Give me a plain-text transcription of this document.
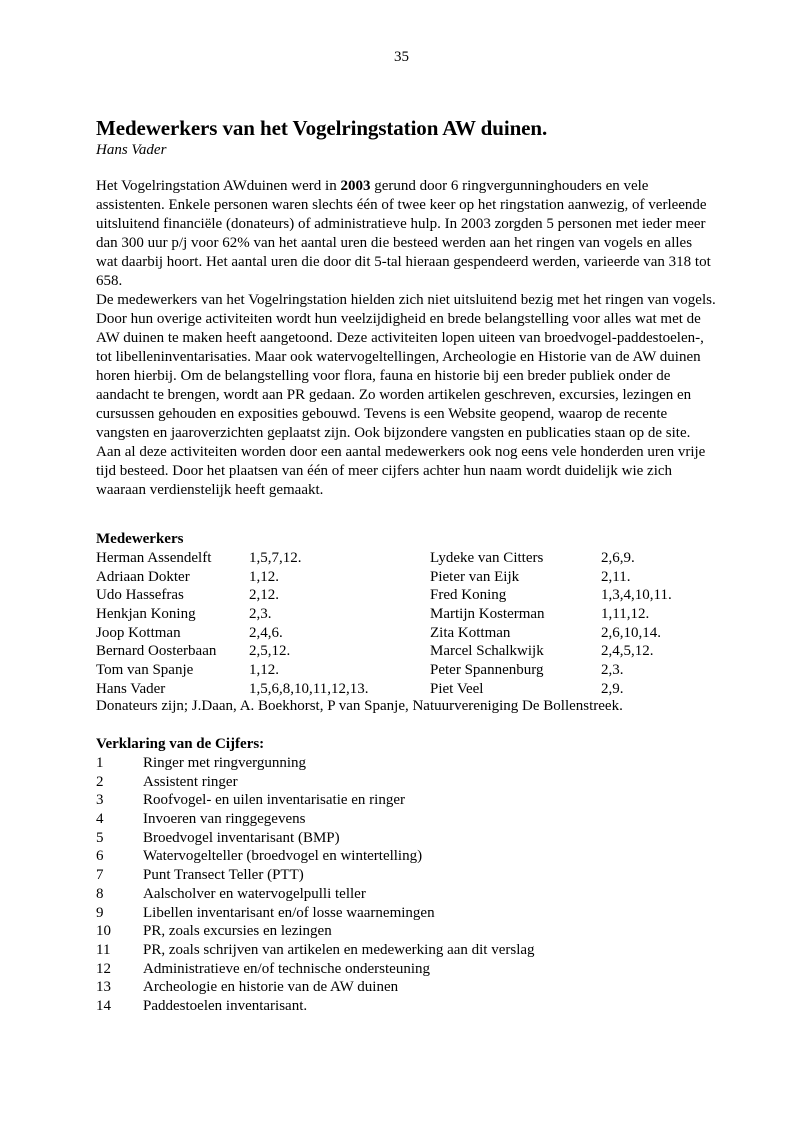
35
Medewerkers van het Vogelringstation AW duinen.
Hans Vader

Het Vogelringstation AWduinen werd in 2003 gerund door 6 ringvergunninghouders en vele assistenten. Enkele personen waren slechts één of twee keer op het ringstation aanwezig, of verleende uitsluitend financiële (donateurs) of administratieve hulp. In 2003 zorgden 5 personen met ieder meer dan 300 uur p/j voor 62% van het aantal uren die besteed werden aan het ringen van vogels en alles wat daarbij hoort. Het aantal uren die door dit 5-tal hieraan gespendeerd werden, varieerde van 318 tot 658.

De medewerkers van het Vogelringstation hielden zich niet uitsluitend bezig met het ringen van vogels. Door hun overige activiteiten wordt hun veelzijdigheid en brede belangstelling voor alles wat met de AW duinen te maken heeft aangetoond. Deze activiteiten lopen uiteen van broedvogel-paddestoelen-, tot libelleninventarisaties. Maar ook watervogeltellingen, Archeologie en Historie van de AW duinen horen hierbij. Om de belangstelling voor flora, fauna en historie bij een breder publiek onder de aandacht te brengen, wordt aan PR gedaan. Zo worden artikelen geschreven, excursies, lezingen en cursussen gehouden en exposities gebouwd. Tevens is een Website geopend, waarop de recente vangsten en jaaroverzichten geplaatst zijn. Ook bijzondere vangsten en publicaties staan op de site. Aan al deze activiteiten worden door een aantal medewerkers ook nog eens vele honderden uren vrije tijd besteed. Door het plaatsen van één of meer cijfers achter hun naam wordt duidelijk wie zich waaraan verdienstelijk heeft gemaakt.

Medewerkers
Herman Assendelft	1,5,7,12.	Lydeke van Citters	2,6,9.
Adriaan Dokter	1,12.	Pieter van Eijk	2,11.
Udo Hassefras	2,12.	Fred Koning	1,3,4,10,11.
Henkjan Koning	2,3.	Martijn Kosterman	1,11,12.
Joop Kottman	2,4,6.	Zita Kottman	2,6,10,14.
Bernard Oosterbaan 2,5,12.	Marcel Schalkwijk	2,4,5,12.
Tom van Spanje	1,12.	Peter Spannenburg	2,3.
Hans Vader	1,5,6,8,10,11,12,13.	Piet Veel	2,9.
Donateurs zijn; J.Daan, A. Boekhorst, P van Spanje, Natuurvereniging De Bollenstreek.
Verklaring van de Cijfers:
1	Ringer met ringvergunning
2	Assistent ringer
3	Roofvogel- en uilen inventarisatie en ringer
4	Invoeren van ringgegevens
5	Broedvogel inventarisant (BMP)
6	Watervogelteller (broedvogel en wintertelling)
7	Punt Transect Teller (PTT)
8	Aalscholver en watervogelpulli teller
9	Libellen inventarisant en/of losse waarnemingen
10 PR, zoals excursies en lezingen
11 PR, zoals schrijven van artikelen en medewerking aan dit verslag
12 Administratieve en/of technische ondersteuning
13 Archeologie en historie van de AW duinen
14 Paddestoelen inventarisant.
